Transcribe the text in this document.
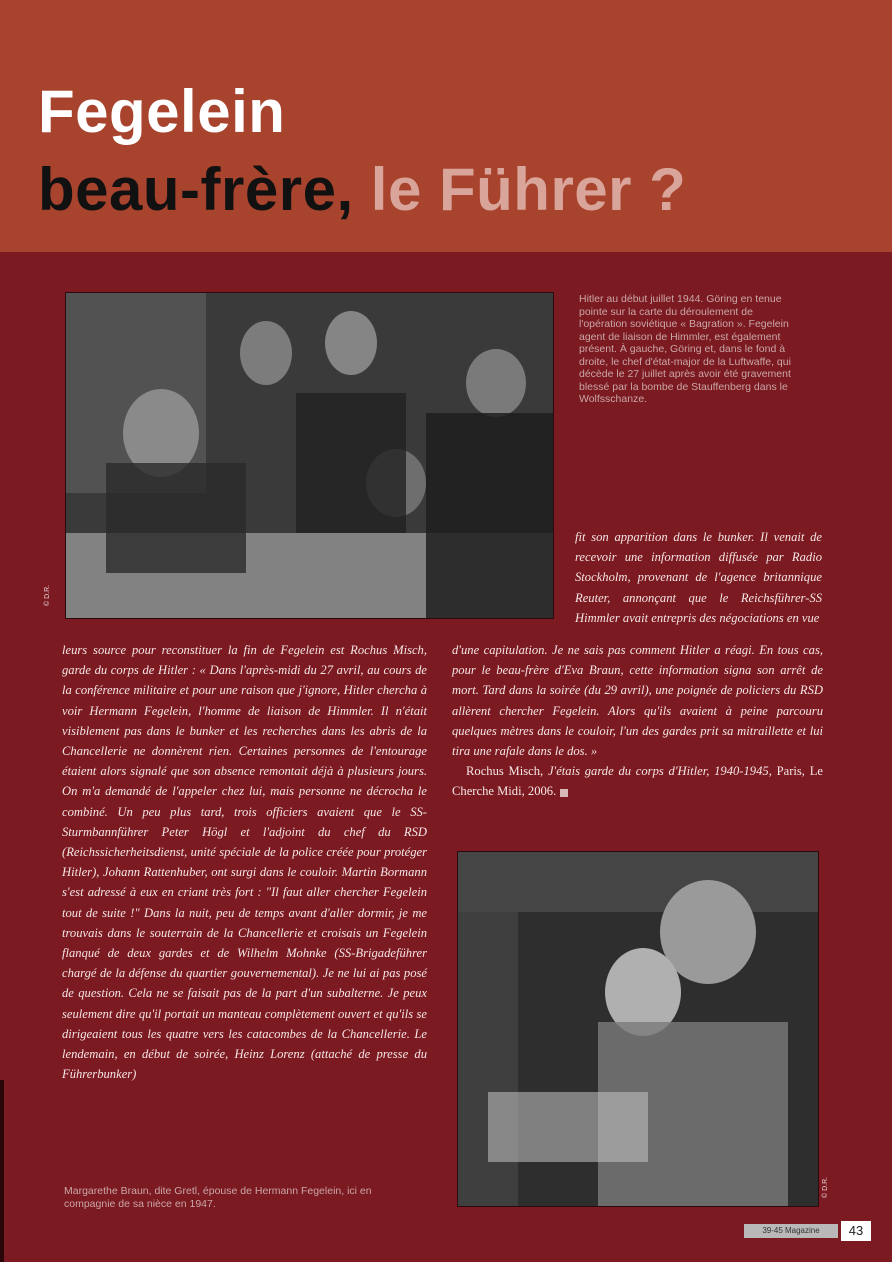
Fegelein
beau-frère, le Führer ?
© D.R.
Hitler au début juillet 1944. Göring en tenue pointe sur la carte du déroulement de l'opération soviétique « Bagration ». Fegelein agent de liaison de Himmler, est également présent. À gauche, Göring et, dans le fond à droite, le chef d'état-major de la Luftwaffe, qui décède le 27 juillet après avoir été gravement blessé par la bombe de Stauffenberg dans le Wolfsschanze.
fit son apparition dans le bunker. Il venait de recevoir une information diffusée par Radio Stockholm, provenant de l'agence britannique Reuter, annonçant que le Reichsführer-SS Himmler avait entrepris des négociations en vue
leurs source pour reconstituer la fin de Fegelein est Rochus Misch, garde du corps de Hitler : « Dans l'après-midi du 27 avril, au cours de la conférence militaire et pour une raison que j'ignore, Hitler chercha à voir Hermann Fegelein, l'homme de liaison de Himmler. Il n'était visiblement pas dans le bunker et les recherches dans les abris de la Chancellerie ne donnèrent rien. Certaines personnes de l'entourage étaient alors signalé que son absence remontait déjà à plusieurs jours. On m'a demandé de l'appeler chez lui, mais personne ne décrocha le combiné. Un peu plus tard, trois officiers avaient que le SS-Sturmbannführer Peter Högl et l'adjoint du chef du RSD (Reichssicherheitsdienst, unité spéciale de la police créée pour protéger Hitler), Johann Rattenhuber, ont surgi dans le couloir. Martin Bormann s'est adressé à eux en criant très fort : "Il faut aller chercher Fegelein tout de suite !" Dans la nuit, peu de temps avant d'aller dormir, je me trouvais dans le souterrain de la Chancellerie et croisais un Fegelein flanqué de deux gardes et de Wilhelm Mohnke (SS-Brigadeführer chargé de la défense du quartier gouvernemental). Je ne lui ai pas posé de question. Cela ne se faisait pas de la part d'un subalterne. Je peux seulement dire qu'il portait un manteau complètement ouvert et qu'ils se dirigeaient tous les quatre vers les catacombes de la Chancellerie. Le lendemain, en début de soirée, Heinz Lorenz (attaché de presse du Führerbunker)

d'une capitulation. Je ne sais pas comment Hitler a réagi. En tous cas, pour le beau-frère d'Eva Braun, cette information signa son arrêt de mort. Tard dans la soirée (du 29 avril), une poignée de policiers du RSD allèrent chercher Fegelein. Alors qu'ils avaient à peine parcouru quelques mètres dans le couloir, l'un des gardes prit sa mitraillette et lui tira une rafale dans le dos. »

Rochus Misch, J'étais garde du corps d'Hitler, 1940-1945, Paris, Le Cherche Midi, 2006.

© D.R.
Margarethe Braun, dite Gretl, épouse de Hermann Fegelein, ici en compagnie de sa nièce en 1947.
39-45 Magazine	43
